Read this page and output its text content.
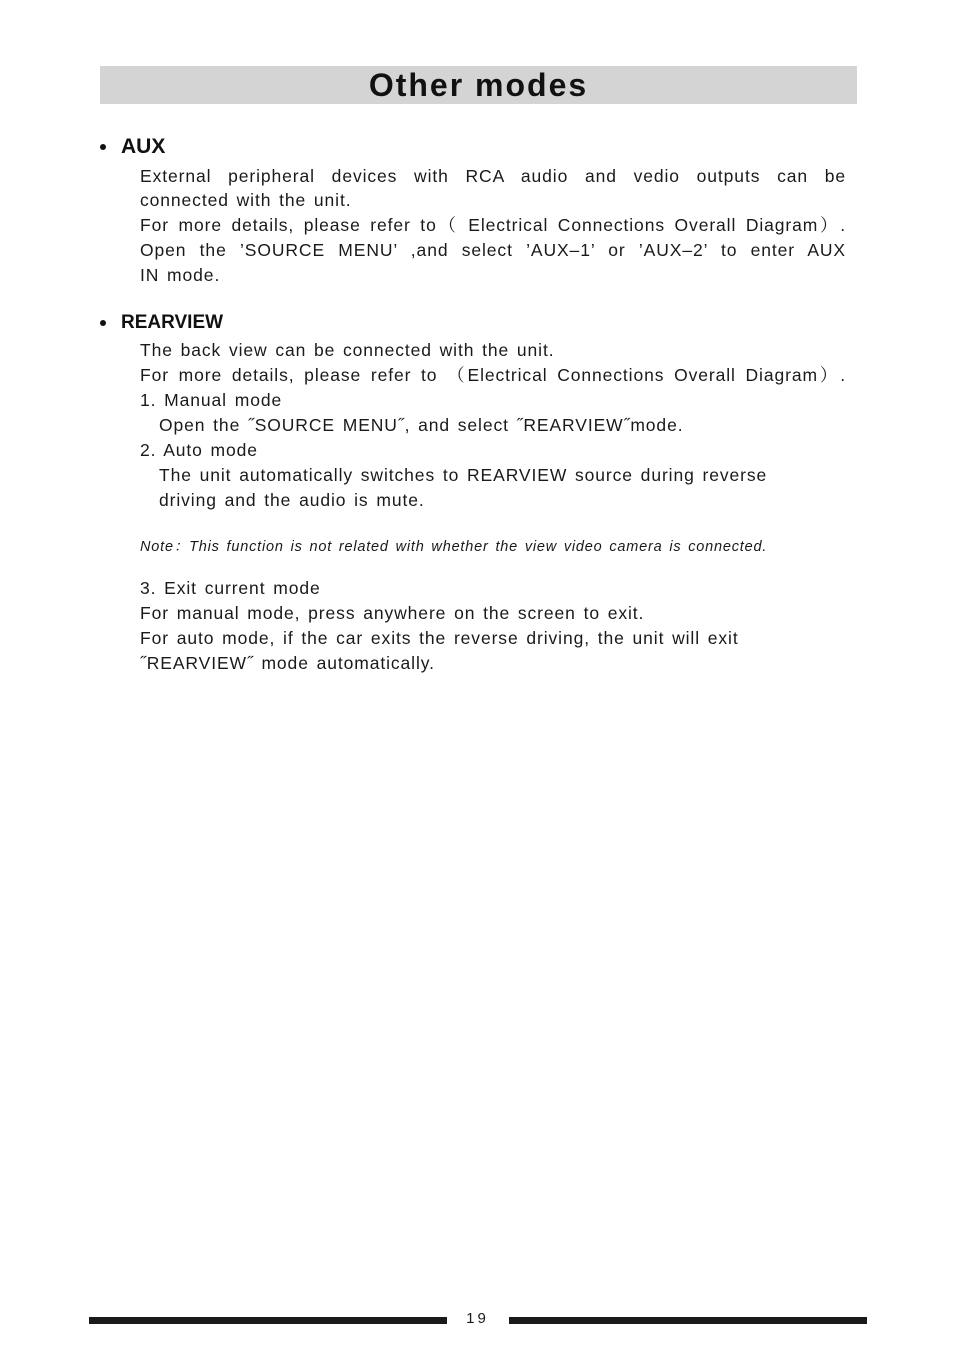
Other modes
AUX
External peripheral devices with RCA audio and vedio outputs can be
connected with the unit.
For more details, please refer to（ Electrical Connections Overall Diagram）.
Open the ’SOURCE MENU’ ,and select ’AUX–1’ or ’AUX–2’ to enter AUX
IN mode.
REARVIEW
The back view can be connected with the unit.
For more details, please refer to （Electrical Connections Overall Diagram）.
1. Manual mode
Open the ˝SOURCE MENU˝, and select ˝REARVIEW˝mode.
2. Auto mode
The unit automatically switches to REARVIEW source during reverse
driving and the audio is mute.
Note：This function is not related with whether the view video camera is connected.
3. Exit current mode
For manual mode, press anywhere on the screen to exit.
For auto mode, if the car exits the reverse driving, the unit will exit
˝REARVIEW˝ mode automatically.
19
